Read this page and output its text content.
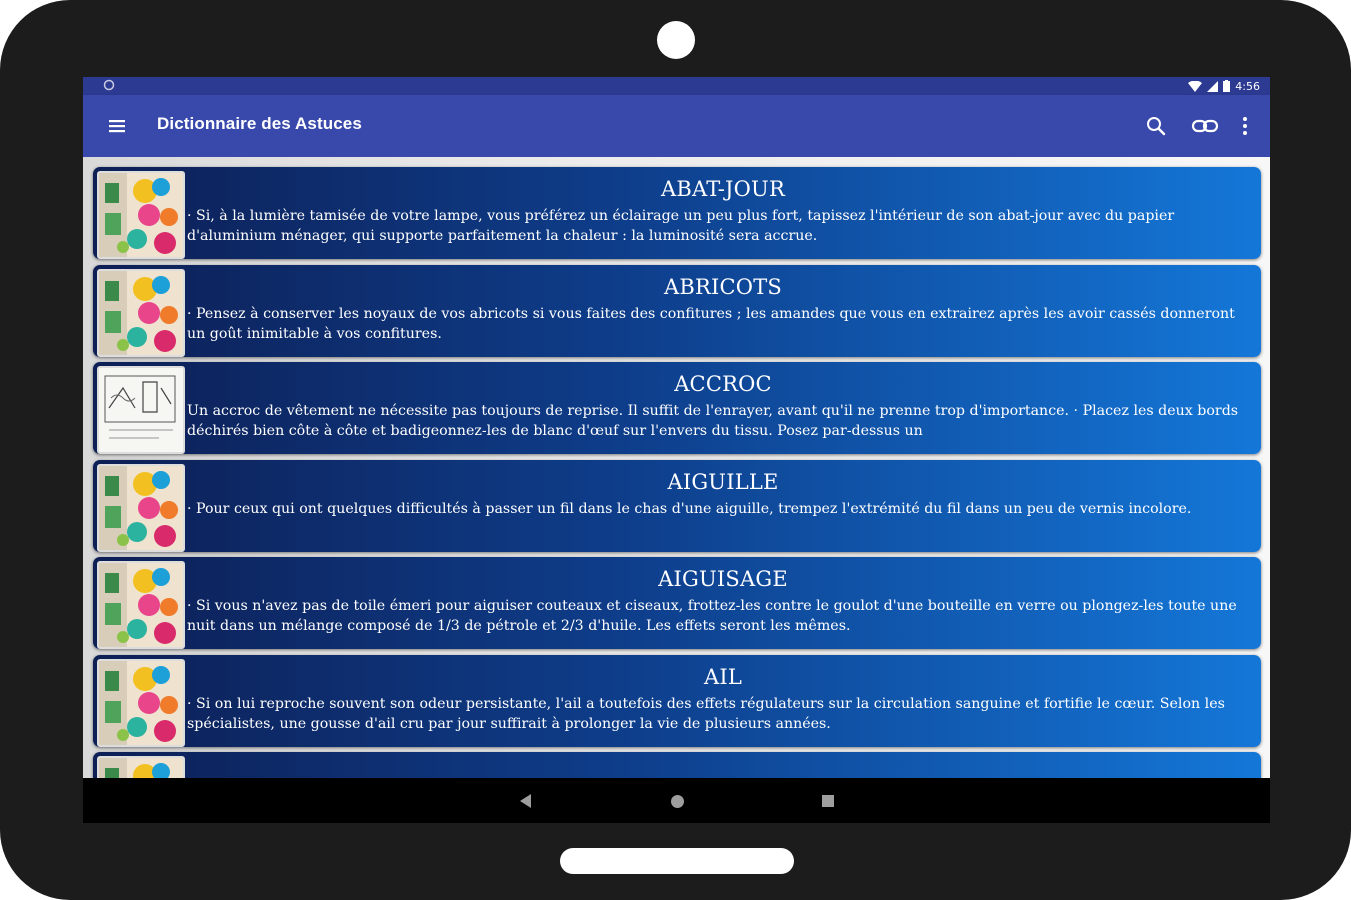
4:56
Dictionnaire des Astuces
ABAT-JOUR
· Si, à la lumière tamisée de votre lampe, vous préférez un éclairage un peu plus fort, tapissez l'intérieur de son abat-jour avec du papier d'aluminium ménager, qui supporte parfaitement la chaleur : la luminosité sera accrue.
ABRICOTS
· Pensez à conserver les noyaux de vos abricots si vous faites des confitures ; les amandes que vous en extrairez après les avoir cassés donneront un goût inimitable à vos confitures.
ACCROC
Un accroc de vêtement ne nécessite pas toujours de reprise. Il suffit de l'enrayer, avant qu'il ne prenne trop d'importance. · Placez les deux bords déchirés bien côte à côte et badigeonnez-les de blanc d'œuf sur l'envers du tissu. Posez par-dessus un
AIGUILLE
· Pour ceux qui ont quelques difficultés à passer un fil dans le chas d'une aiguille, trempez l'extrémité du fil dans un peu de vernis incolore.
AIGUISAGE
· Si vous n'avez pas de toile émeri pour aiguiser couteaux et ciseaux, frottez-les contre le goulot d'une bouteille en verre ou plongez-les toute une nuit dans un mélange composé de 1/3 de pétrole et 2/3 d'huile. Les effets seront les mêmes.
AIL
· Si on lui reproche souvent son odeur persistante, l'ail a toutefois des effets régulateurs sur la circulation sanguine et fortifie le cœur. Selon les spécialistes, une gousse d'ail cru par jour suffirait à prolonger la vie de plusieurs années.
